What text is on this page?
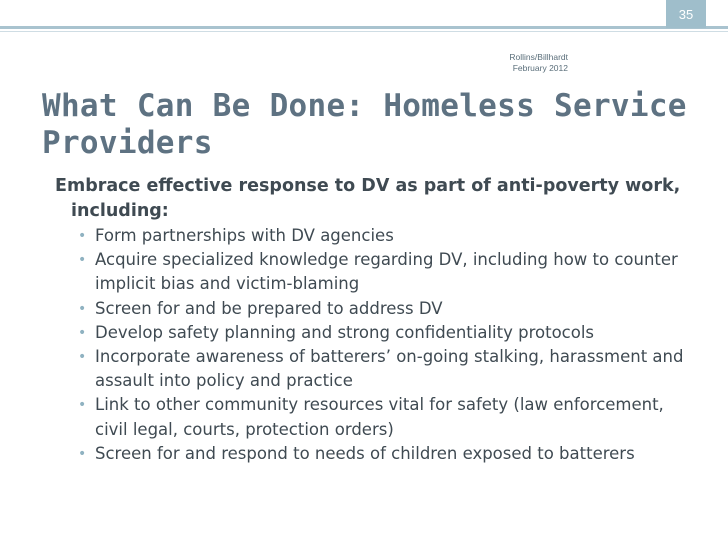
35
Rollins/Billhardt
February 2012
What Can Be Done: Homeless Service Providers
Embrace effective response to DV as part of anti-poverty work, including:
• Form partnerships with DV agencies
• Acquire specialized knowledge regarding DV, including how to counter implicit bias and victim-blaming
• Screen for and be prepared to address DV
• Develop safety planning and strong confidentiality protocols
• Incorporate awareness of batterers’ on-going stalking, harassment and assault into policy and practice
• Link to other community resources vital for safety (law enforcement, civil legal, courts, protection orders)
• Screen for and respond to needs of children exposed to batterers
